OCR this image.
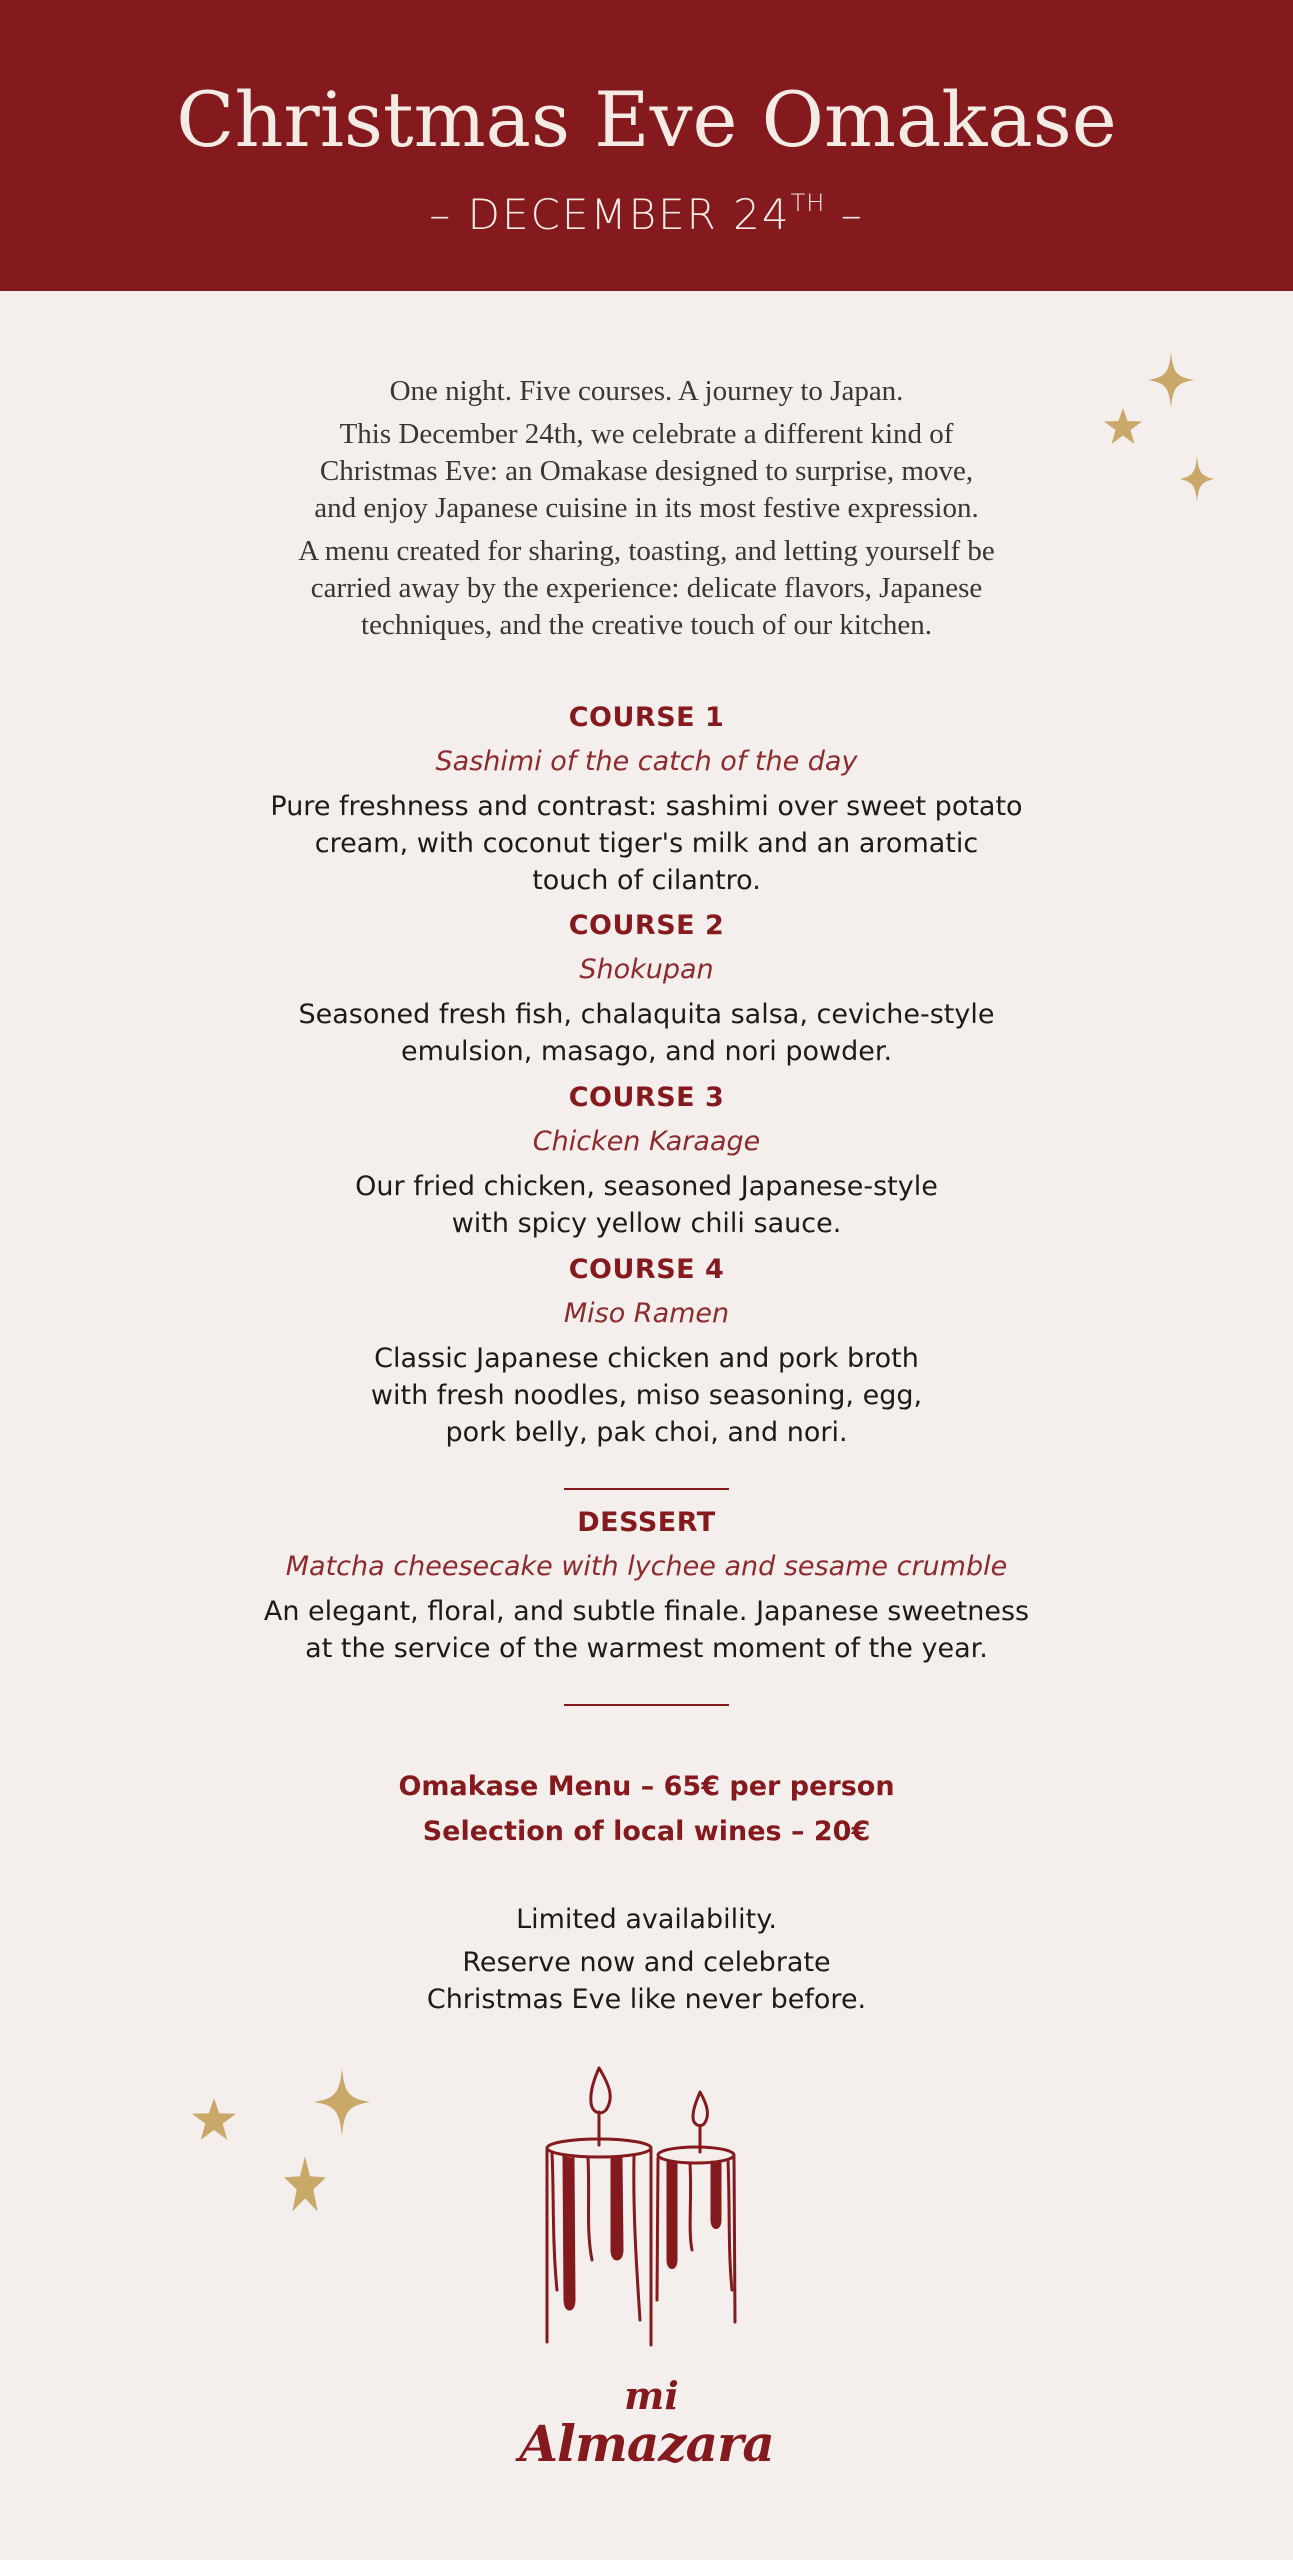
Christmas Eve Omakase
– DECEMBER 24TH –

One night. Five courses. A journey to Japan.

This December 24th, we celebrate a different kind of
Christmas Eve: an Omakase designed to surprise, move,
and enjoy Japanese cuisine in its most festive expression.

A menu created for sharing, toasting, and letting yourself be
carried away by the experience: delicate flavors, Japanese
techniques, and the creative touch of our kitchen.

COURSE 1
Sashimi of the catch of the day
Pure freshness and contrast: sashimi over sweet potato
cream, with coconut tiger's milk and an aromatic
touch of cilantro.
COURSE 2
Shokupan
Seasoned fresh fish, chalaquita salsa, ceviche-style
emulsion, masago, and nori powder.
COURSE 3
Chicken Karaage
Our fried chicken, seasoned Japanese-style
with spicy yellow chili sauce.
COURSE 4
Miso Ramen
Classic Japanese chicken and pork broth
with fresh noodles, miso seasoning, egg,
pork belly, pak choi, and nori.
DESSERT
Matcha cheesecake with lychee and sesame crumble
An elegant, floral, and subtle finale. Japanese sweetness
at the service of the warmest moment of the year.
Omakase Menu – 65€ per person
Selection of local wines – 20€
Limited availability.
Reserve now and celebrate
Christmas Eve like never before.
mi
Almazara
